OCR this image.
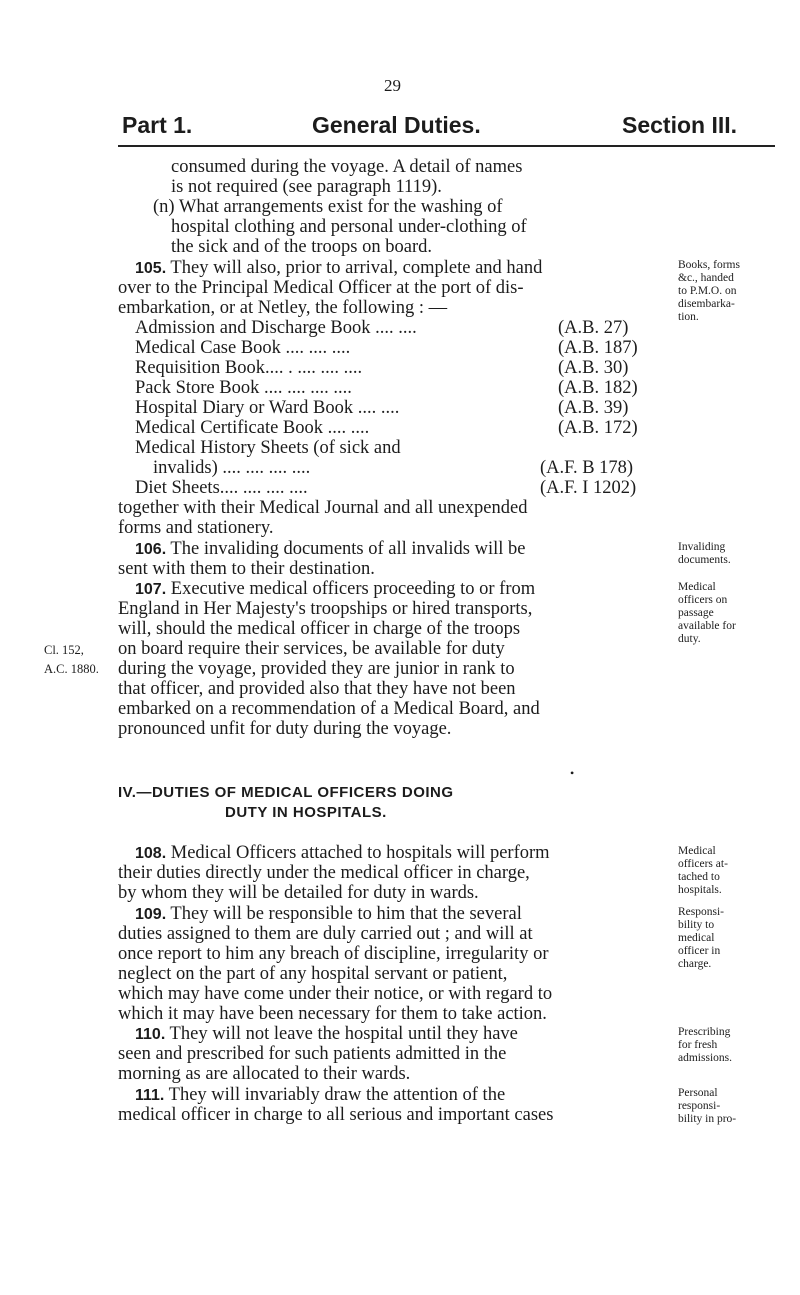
29
Part 1.	General Duties.	Section III.
consumed during the voyage. A detail of names
is not required (see paragraph 1119).
(n) What arrangements exist for the washing of
hospital clothing and personal under-clothing of
the sick and of the troops on board.
105. They will also, prior to arrival, complete and hand
over to the Principal Medical Officer at the port of dis-
embarkation, or at Netley, the following : —
Admission and Discharge Book .... ....	(A.B. 27)
Medical Case Book .... .... ....	(A.B. 187)
Requisition Book.... . .... .... ....	(A.B. 30)
Pack Store Book .... .... .... ....	(A.B. 182)
Hospital Diary or Ward Book .... ....	(A.B. 39)
Medical Certificate Book .... ....	(A.B. 172)
Medical History Sheets (of sick and
invalids) .... .... .... ....	(A.F. B 178)
Diet Sheets.... .... .... ....	(A.F. I 1202)
together with their Medical Journal and all unexpended
forms and stationery.
106. The invaliding documents of all invalids will be
sent with them to their destination.
107. Executive medical officers proceeding to or from
England in Her Majesty's troopships or hired transports,
will, should the medical officer in charge of the troops
on board require their services, be available for duty
during the voyage, provided they are junior in rank to
that officer, and provided also that they have not been
embarked on a recommendation of a Medical Board, and
pronounced unfit for duty during the voyage.
•
IV.—DUTIES OF MEDICAL OFFICERS DOING
DUTY IN HOSPITALS.
108. Medical Officers attached to hospitals will perform
their duties directly under the medical officer in charge,
by whom they will be detailed for duty in wards.
109. They will be responsible to him that the several
duties assigned to them are duly carried out ; and will at
once report to him any breach of discipline, irregularity or
neglect on the part of any hospital servant or patient,
which may have come under their notice, or with regard to
which it may have been necessary for them to take action.
110. They will not leave the hospital until they have
seen and prescribed for such patients admitted in the
morning as are allocated to their wards.
111. They will invariably draw the attention of the
medical officer in charge to all serious and important cases
Books, forms
&c., handed
to P.M.O. on
disembarka-
tion.
Invaliding
documents.
Medical
officers on
passage
available for
duty.
Medical
officers at-
tached to
hospitals.
Responsi-
bility to
medical
officer in
charge.
Prescribing
for fresh
admissions.
Personal
responsi-
bility in pro-
Cl. 152,
A.C. 1880.
